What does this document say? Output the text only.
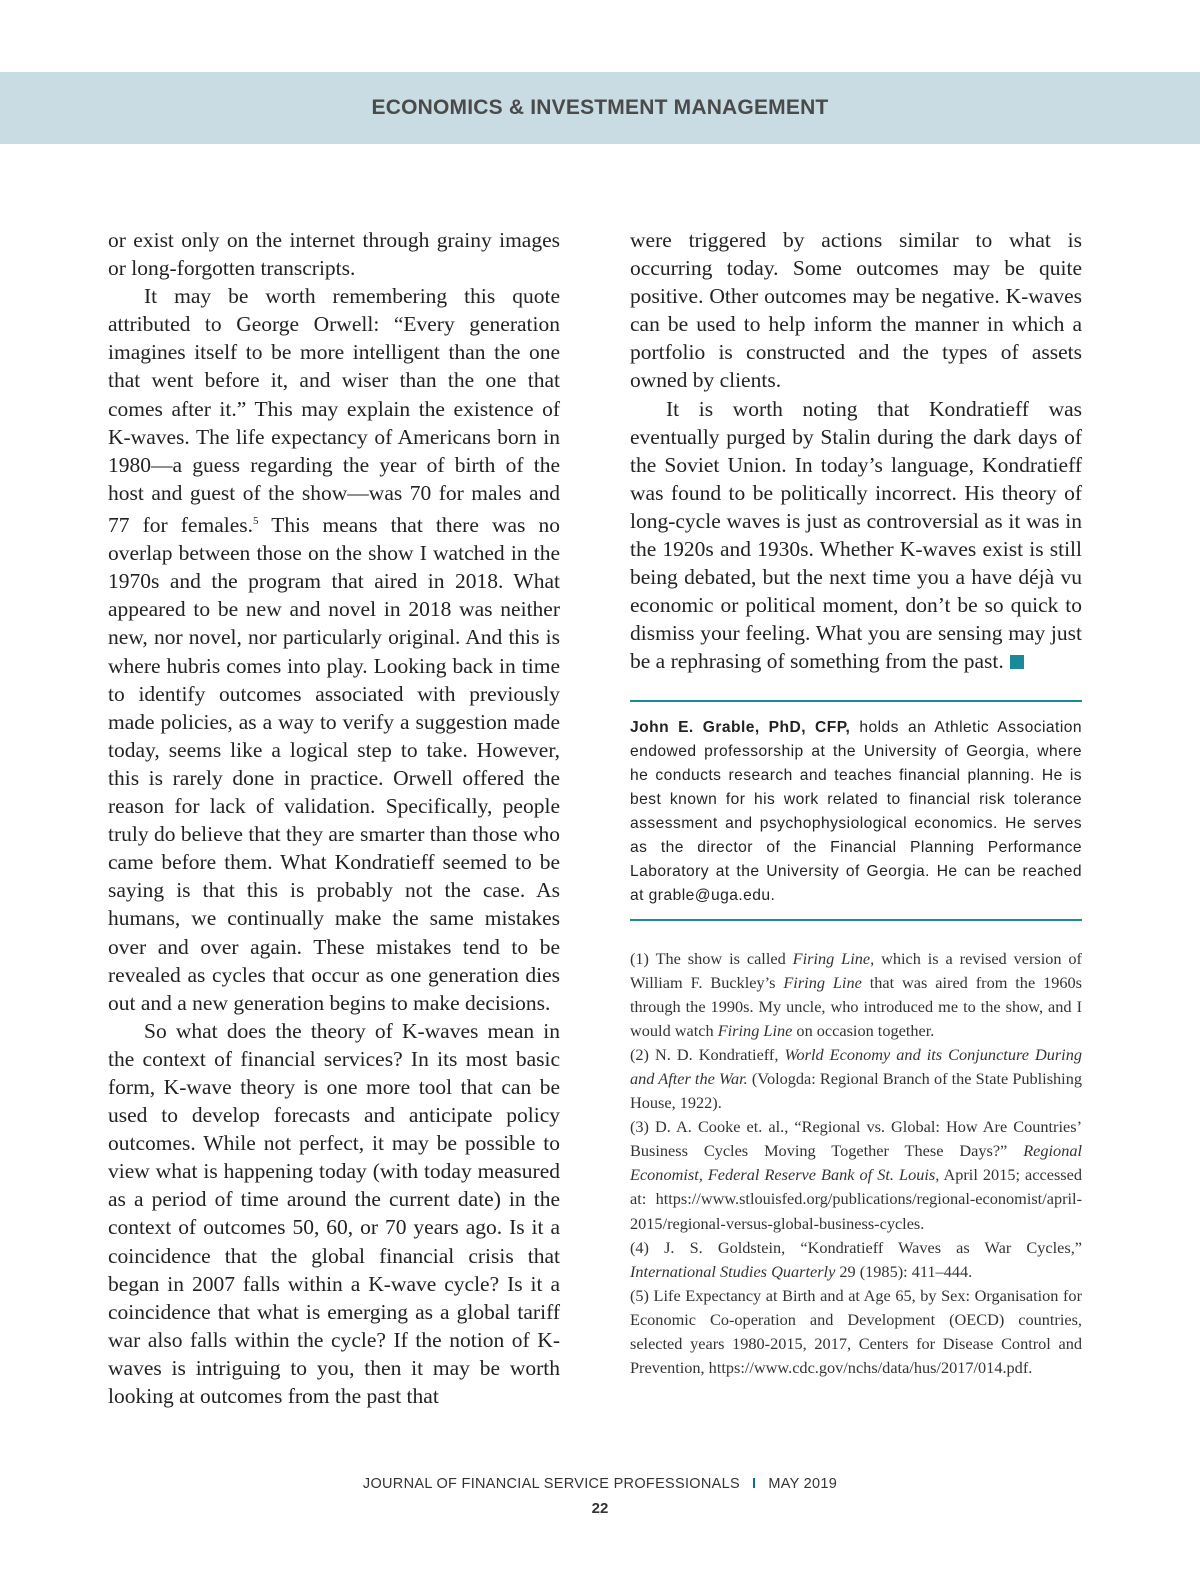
ECONOMICS & INVESTMENT MANAGEMENT

or exist only on the internet through grainy images or long-forgotten transcripts.

It may be worth remembering this quote attributed to George Orwell: “Every generation imagines itself to be more intelligent than the one that went before it, and wiser than the one that comes after it.” This may explain the existence of K-waves. The life expectancy of Americans born in 1980—a guess regarding the year of birth of the host and guest of the show—was 70 for males and 77 for females.$^5$ This means that there was no overlap between those on the show I watched in the 1970s and the program that aired in 2018. What appeared to be new and novel in 2018 was neither new, nor novel, nor particularly original. And this is where hubris comes into play. Looking back in time to identify outcomes associated with previously made policies, as a way to verify a suggestion made today, seems like a logical step to take. However, this is rarely done in practice. Orwell offered the reason for lack of validation. Specifically, people truly do believe that they are smarter than those who came before them. What Kondratieff seemed to be saying is that this is probably not the case. As humans, we continually make the same mistakes over and over again. These mistakes tend to be revealed as cycles that occur as one generation dies out and a new generation begins to make decisions.

So what does the theory of K-waves mean in the context of financial services? In its most basic form, K-wave theory is one more tool that can be used to develop forecasts and anticipate policy outcomes. While not perfect, it may be possible to view what is happening today (with today measured as a period of time around the current date) in the context of outcomes 50, 60, or 70 years ago. Is it a coincidence that the global financial crisis that began in 2007 falls within a K-wave cycle? Is it a coincidence that what is emerging as a global tariff war also falls within the cycle? If the notion of K-waves is intriguing to you, then it may be worth looking at outcomes from the past that

were triggered by actions similar to what is occurring today. Some outcomes may be quite positive. Other outcomes may be negative. K-waves can be used to help inform the manner in which a portfolio is constructed and the types of assets owned by clients.

It is worth noting that Kondratieff was eventually purged by Stalin during the dark days of the Soviet Union. In today’s language, Kondratieff was found to be politically incorrect. His theory of long-cycle waves is just as controversial as it was in the 1920s and 1930s. Whether K-waves exist is still being debated, but the next time you a have déjà vu economic or political moment, don’t be so quick to dismiss your feeling. What you are sensing may just be a rephrasing of something from the past.

John E. Grable, PhD, CFP, holds an Athletic Association endowed professorship at the University of Georgia, where he conducts research and teaches financial planning. He is best known for his work related to financial risk tolerance assessment and psychophysiological economics. He serves as the director of the Financial Planning Performance Laboratory at the University of Georgia. He can be reached at grable@uga.edu.

(1) The show is called Firing Line, which is a revised version of William F. Buckley’s Firing Line that was aired from the 1960s through the 1990s. My uncle, who introduced me to the show, and I would watch Firing Line on occasion together.

(2) N. D. Kondratieff, World Economy and its Conjuncture During and After the War. (Vologda: Regional Branch of the State Publishing House, 1922).

(3) D. A. Cooke et. al., “Regional vs. Global: How Are Countries’ Business Cycles Moving Together These Days?” Regional Economist, Federal Reserve Bank of St. Louis, April 2015; accessed at: https://www.stlouisfed.org/publications/regional-economist/april-2015/regional-versus-global-business-cycles.

(4) J. S. Goldstein, “Kondratieff Waves as War Cycles,” International Studies Quarterly 29 (1985): 411–444.

(5) Life Expectancy at Birth and at Age 65, by Sex: Organisation for Economic Co-operation and Development (OECD) countries, selected years 1980-2015, 2017, Centers for Disease Control and Prevention, https://www.cdc.gov/nchs/data/hus/2017/014.pdf.

JOURNAL OF FINANCIAL SERVICE PROFESSIONALS I MAY 2019
22
